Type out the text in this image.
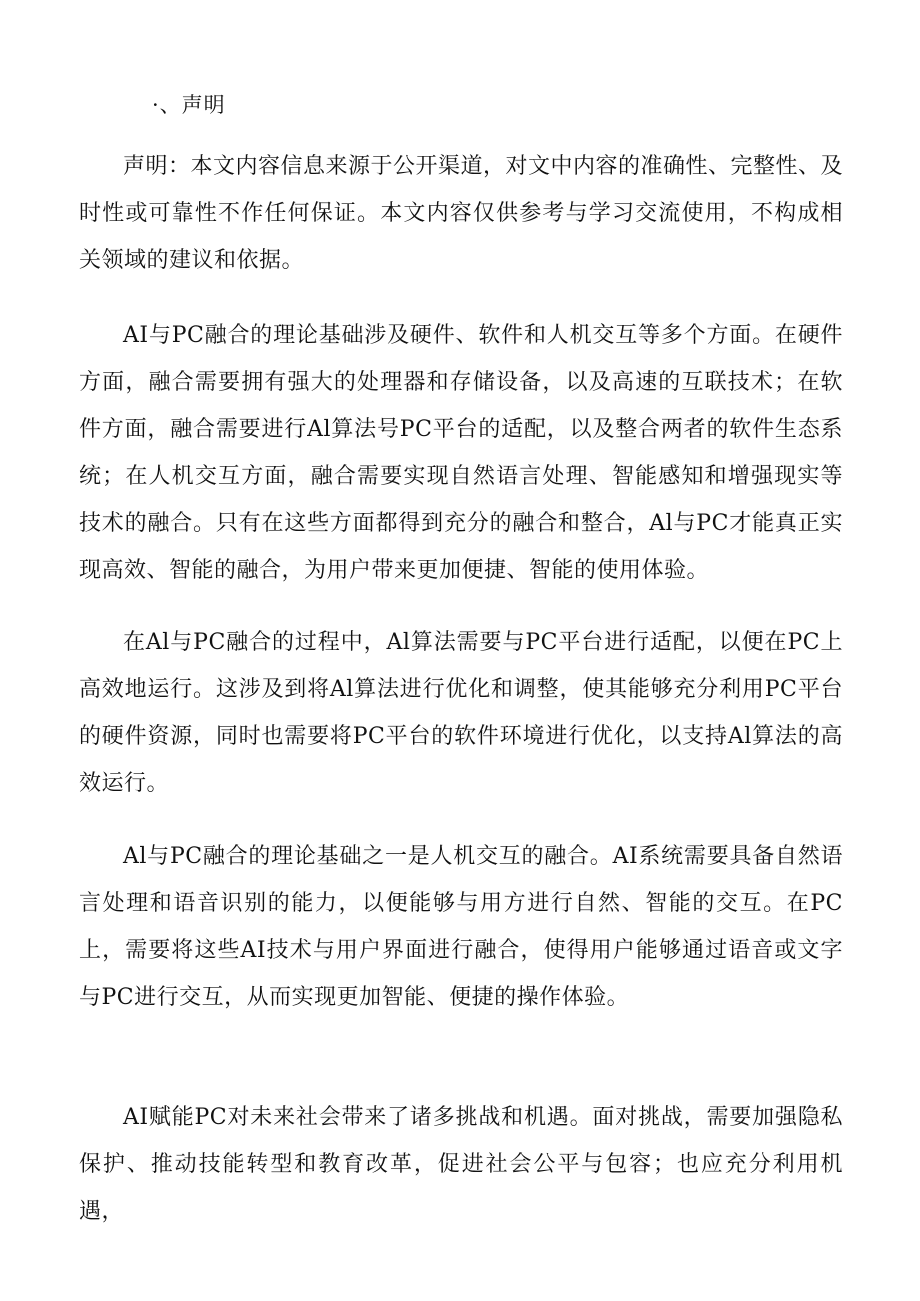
·、声明

声明：本文内容信息来源于公开渠道，对文中内容的准确性、完整性、及时性或可靠性不作任何保证。本文内容仅供参考与学习交流使用，不构成相关领域的建议和依据。

AI与PC融合的理论基础涉及硬件、软件和人机交互等多个方面。在硬件方面，融合需要拥有强大的处理器和存储设备，以及高速的互联技术；在软件方面，融合需要进行Al算法号PC平台的适配，以及整合两者的软件生态系统；在人机交互方面，融合需要实现自然语言处理、智能感知和增强现实等技术的融合。只有在这些方面都得到充分的融合和整合，Al与PC才能真正实现高效、智能的融合，为用户带来更加便捷、智能的使用体验。

在Al与PC融合的过程中，Al算法需要与PC平台进行适配，以便在PC上高效地运行。这涉及到将Al算法进行优化和调整，使其能够充分利用PC平台的硬件资源，同时也需要将PC平台的软件环境进行优化，以支持Al算法的高效运行。

Al与PC融合的理论基础之一是人机交互的融合。AI系统需要具备自然语言处理和语音识别的能力，以便能够与用方进行自然、智能的交互。在PC上，需要将这些AI技术与用户界面进行融合，使得用户能够通过语音或文字与PC进行交互，从而实现更加智能、便捷的操作体验。

AI赋能PC对未来社会带来了诸多挑战和机遇。面对挑战，需要加强隐私保护、推动技能转型和教育改革，促进社会公平与包容；也应充分利用机遇，
